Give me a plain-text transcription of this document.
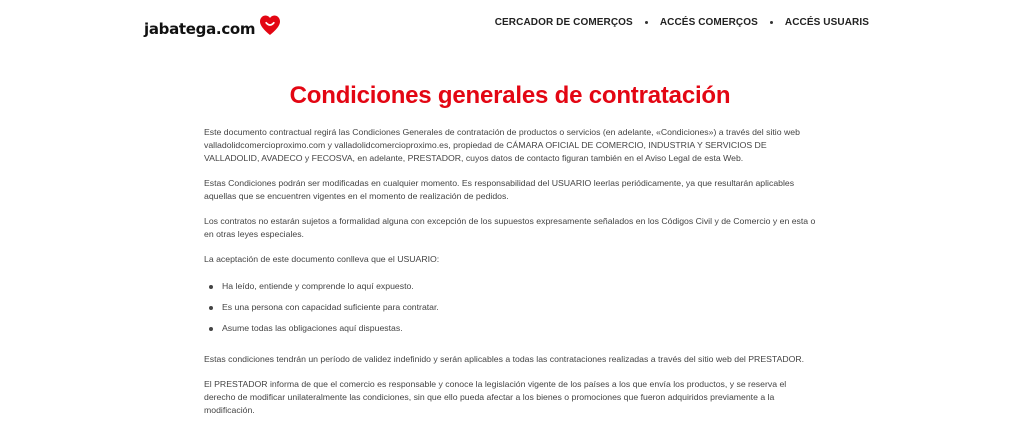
jabatega.com	CERCADOR DE COMERÇOS	ACCÉS COMERÇOS	ACCÉS USUARIS
Condiciones generales de contratación

Este documento contractual regirá las Condiciones Generales de contratación de productos o servicios (en adelante, «Condiciones») a través del sitio web valladolidcomercioproximo.com y valladolidcomercioproximo.es, propiedad de CÁMARA OFICIAL DE COMERCIO, INDUSTRIA Y SERVICIOS DE VALLADOLID, AVADECO y FECOSVA, en adelante, PRESTADOR, cuyos datos de contacto figuran también en el Aviso Legal de esta Web.

Estas Condiciones podrán ser modificadas en cualquier momento. Es responsabilidad del USUARIO leerlas periódicamente, ya que resultarán aplicables aquellas que se encuentren vigentes en el momento de realización de pedidos.

Los contratos no estarán sujetos a formalidad alguna con excepción de los supuestos expresamente señalados en los Códigos Civil y de Comercio y en esta o en otras leyes especiales.

La aceptación de este documento conlleva que el USUARIO:

Ha leído, entiende y comprende lo aquí expuesto.
Es una persona con capacidad suficiente para contratar.
Asume todas las obligaciones aquí dispuestas.

Estas condiciones tendrán un período de validez indefinido y serán aplicables a todas las contrataciones realizadas a través del sitio web del PRESTADOR.

El PRESTADOR informa de que el comercio es responsable y conoce la legislación vigente de los países a los que envía los productos, y se reserva el derecho de modificar unilateralmente las condiciones, sin que ello pueda afectar a los bienes o promociones que fueron adquiridos previamente a la modificación.
